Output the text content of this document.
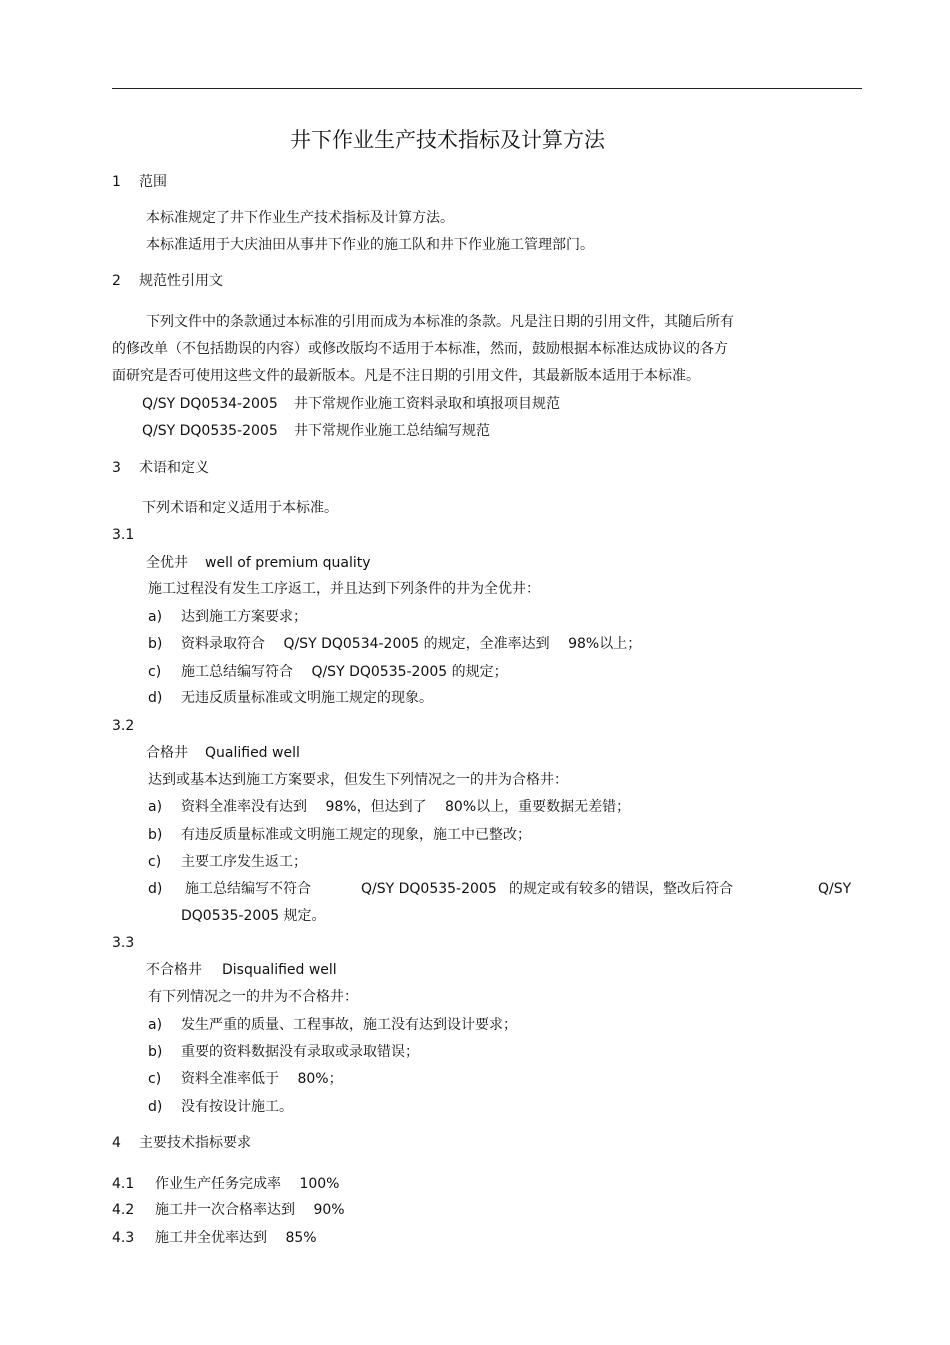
井下作业生产技术指标及计算方法
1 范围
本标准规定了井下作业生产技术指标及计算方法。
本标准适用于大庆油田从事井下作业的施工队和井下作业施工管理部门。
2 规范性引用文
下列文件中的条款通过本标准的引用而成为本标准的条款。凡是注日期的引用文件，其随后所有
的修改单（不包括勘误的内容）或修改版均不适用于本标准，然而，鼓励根据本标准达成协议的各方
面研究是否可使用这些文件的最新版本。凡是不注日期的引用文件，其最新版本适用于本标准。
Q/SY DQ0534-2005 井下常规作业施工资料录取和填报项目规范
Q/SY DQ0535-2005 井下常规作业施工总结编写规范
3 术语和定义
下列术语和定义适用于本标准。
3.1
全优井 well of premium quality
施工过程没有发生工序返工，并且达到下列条件的井为全优井：
a) 达到施工方案要求；
b) 资料录取符合　 Q/SY DQ0534-2005 的规定，全准率达到　 98%以上；
c) 施工总结编写符合　 Q/SY DQ0535-2005 的规定；
d) 无违反质量标准或文明施工规定的现象。
3.2
合格井 Qualified well
达到或基本达到施工方案要求，但发生下列情况之一的井为合格井：
a) 资料全准率没有达到　 98%，但达到了　 80%以上，重要数据无差错；
b) 有违反质量标准或文明施工规定的现象，施工中已整改；
c) 主要工序发生返工；
d) 施工总结编写不符合	Q/SY DQ0535-2005 的规定或有较多的错误，整改后符合	Q/SY
DQ0535-2005 规定。
3.3
不合格井 Disqualified well
有下列情况之一的井为不合格井：
a) 发生严重的质量、工程事故，施工没有达到设计要求；
b) 重要的资料数据没有录取或录取错误；
c) 资料全准率低于　 80%；
d) 没有按设计施工。
4 主要技术指标要求
4.1 作业生产任务完成率　 100%
4.2 施工井一次合格率达到　 90%
4.3 施工井全优率达到　 85%
